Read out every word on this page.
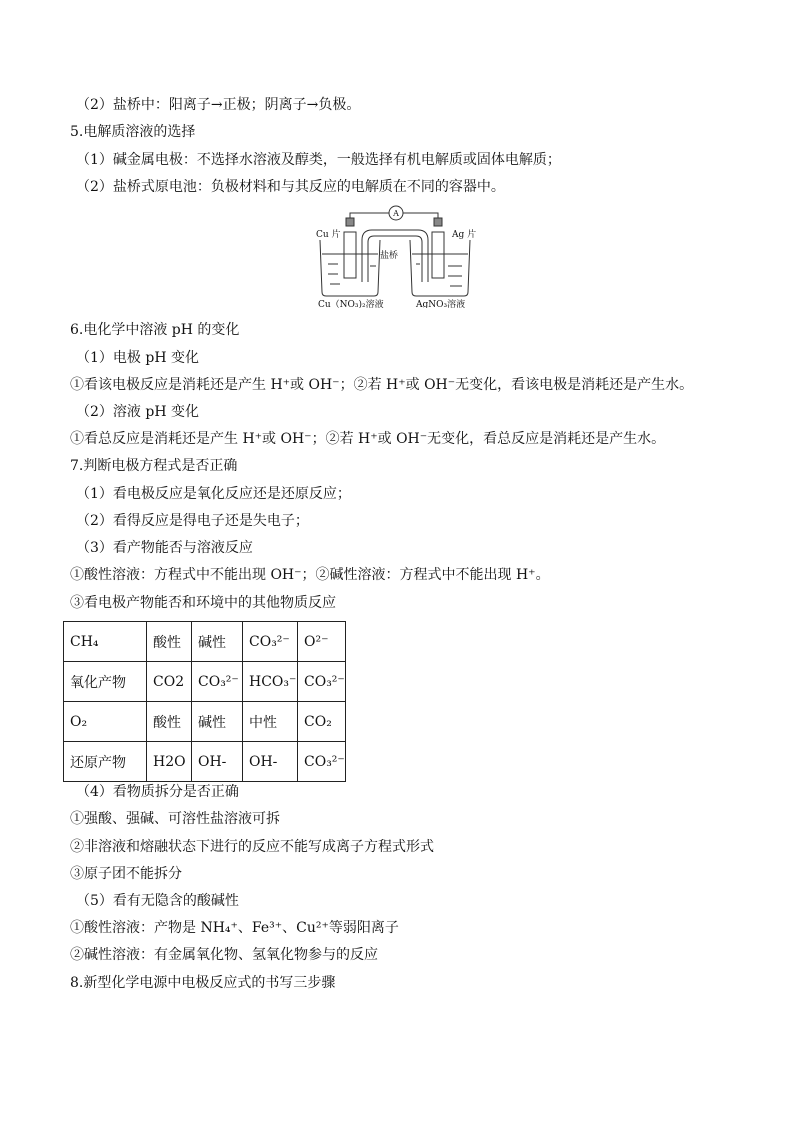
（2）盐桥中：阳离子→正极；阴离子→负极。
5.电解质溶液的选择
（1）碱金属电极：不选择水溶液及醇类，一般选择有机电解质或固体电解质；
（2）盐桥式原电池：负极材料和与其反应的电解质在不同的容器中。
A
Cu 片	Ag 片
盐桥
Cu（NO₃)₂溶液	AgNO₃溶液
6.电化学中溶液 pH 的变化
（1）电极 pH 变化
①看该电极反应是消耗还是产生 H⁺或 OH⁻；②若 H⁺或 OH⁻无变化，看该电极是消耗还是产生水。
（2）溶液 pH 变化
①看总反应是消耗还是产生 H⁺或 OH⁻；②若 H⁺或 OH⁻无变化，看总反应是消耗还是产生水。
7.判断电极方程式是否正确
（1）看电极反应是氧化反应还是还原反应；
（2）看得反应是得电子还是失电子；
（3）看产物能否与溶液反应
①酸性溶液：方程式中不能出现 OH⁻；②碱性溶液：方程式中不能出现 H⁺。
③看电极产物能否和环境中的其他物质反应
CH₄	酸性	碱性	CO₃²⁻	O²⁻
氧化产物	CO2	CO₃²⁻	HCO₃⁻	CO₃²⁻
O₂	酸性	碱性	中性	CO₂
还原产物	H2O	OH-	OH-	CO₃²⁻
（4）看物质拆分是否正确
①强酸、强碱、可溶性盐溶液可拆
②非溶液和熔融状态下进行的反应不能写成离子方程式形式
③原子团不能拆分
（5）看有无隐含的酸碱性
①酸性溶液：产物是 NH₄⁺、Fe³⁺、Cu²⁺等弱阳离子
②碱性溶液：有金属氧化物、氢氧化物参与的反应
8.新型化学电源中电极反应式的书写三步骤
